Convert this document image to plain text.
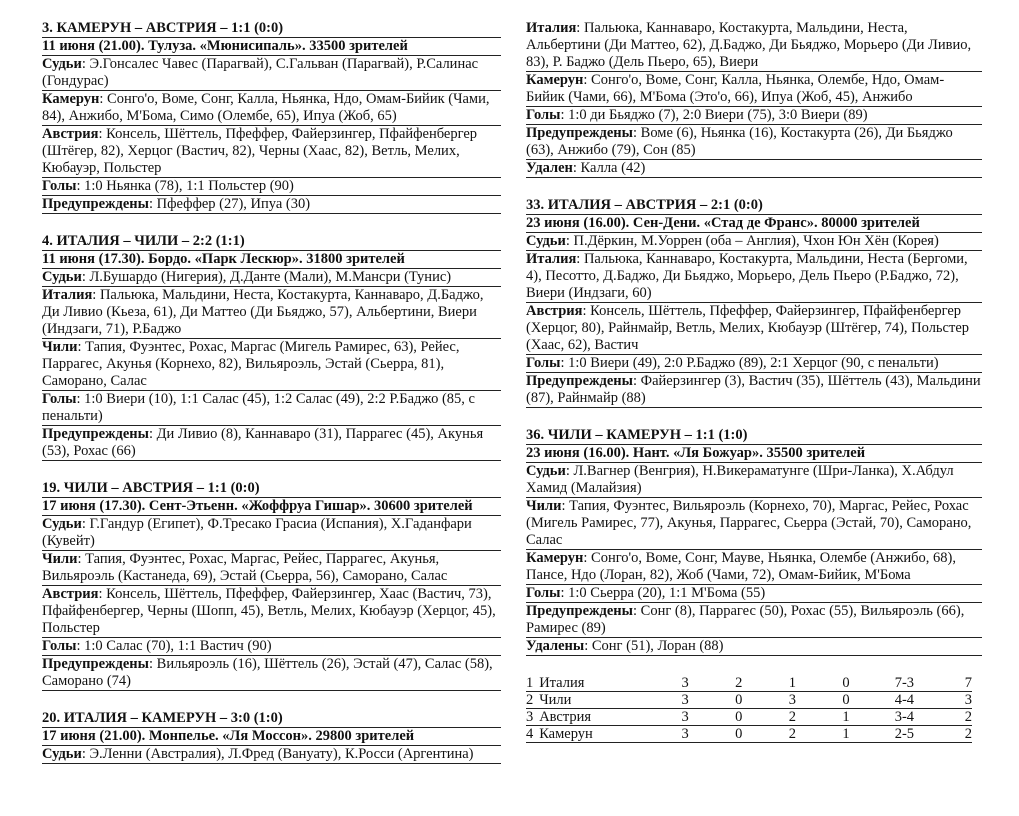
3. КАМЕРУН – АВСТРИЯ – 1:1 (0:0)
11 июня (21.00). Тулуза. «Мюнисипаль». 33500 зрителей
Судьи: Э.Гонсалес Чавес (Парагвай), С.Гальван (Парагвай), Р.Салинас (Гондурас)
Камерун: Сонго'о, Воме, Сонг, Калла, Ньянка, Ндо, Омам-Бийик (Чами, 84), Анжибо, М'Бома, Симо (Олембе, 65), Ипуа (Жоб, 65)
Австрия: Консель, Шёттель, Пфеффер, Файерзингер, Пфайфенбергер (Штёгер, 82), Херцог (Вастич, 82), Черны (Хаас, 82), Ветль, Мелих, Кюбауэр, Польстер
Голы: 1:0 Ньянка (78), 1:1 Польстер (90)
Предупреждены: Пфеффер (27), Ипуа (30)
4. ИТАЛИЯ – ЧИЛИ – 2:2 (1:1)
11 июня (17.30). Бордо. «Парк Лескюр». 31800 зрителей
Судьи: Л.Бушардо (Нигерия), Д.Данте (Мали), М.Мансри (Тунис)
Италия: Пальюка, Мальдини, Неста, Костакурта, Каннаваро, Д.Баджо, Ди Ливио (Кьеза, 61), Ди Маттео (Ди Бьяджо, 57), Альбертини, Виери (Индзаги, 71), Р.Баджо
Чили: Тапия, Фуэнтес, Рохас, Маргас (Мигель Рамирес, 63), Рейес, Паррагес, Акунья (Корнехо, 82), Вильяроэль, Эстай (Сьерра, 81), Саморано, Салас
Голы: 1:0 Виери (10), 1:1 Салас (45), 1:2 Салас (49), 2:2 Р.Баджо (85, с пенальти)
Предупреждены: Ди Ливио (8), Каннаваро (31), Паррагес (45), Акунья (53), Рохас (66)
19. ЧИЛИ – АВСТРИЯ – 1:1 (0:0)
17 июня (17.30). Сент-Этьенн. «Жоффруа Гишар». 30600 зрителей
Судьи: Г.Гандур (Египет), Ф.Тресако Грасиа (Испания), Х.Гаданфари (Кувейт)
Чили: Тапия, Фуэнтес, Рохас, Маргас, Рейес, Паррагес, Акунья, Вильяроэль (Кастанеда, 69), Эстай (Сьерра, 56), Саморано, Салас
Австрия: Консель, Шёттель, Пфеффер, Файерзингер, Хаас (Вастич, 73), Пфайфенбергер, Черны (Шопп, 45), Ветль, Мелих, Кюбауэр (Херцог, 45), Польстер
Голы: 1:0 Салас (70), 1:1 Вастич (90)
Предупреждены: Вильяроэль (16), Шёттель (26), Эстай (47), Салас (58), Саморано (74)
20. ИТАЛИЯ – КАМЕРУН – 3:0 (1:0)
17 июня (21.00). Монпелье. «Ля Моссон». 29800 зрителей
Судьи: Э.Ленни (Австралия), Л.Фред (Вануату), К.Росси (Аргентина)
Италия: Пальюка, Каннаваро, Костакурта, Мальдини, Неста, Альбертини (Ди Маттео, 62), Д.Баджо, Ди Бьяджо, Морьеро (Ди Ливио, 83), Р. Баджо (Дель Пьеро, 65), Виери
Камерун: Сонго'о, Воме, Сонг, Калла, Ньянка, Олембе, Ндо, Омам-Бийик (Чами, 66), М'Бома (Это'о, 66), Ипуа (Жоб, 45), Анжибо
Голы: 1:0 ди Бьяджо (7), 2:0 Виери (75), 3:0 Виери (89)
Предупреждены: Воме (6), Ньянка (16), Костакурта (26), Ди Бьяджо (63), Анжибо (79), Сон (85)
Удален: Калла (42)
33. ИТАЛИЯ – АВСТРИЯ – 2:1 (0:0)
23 июня (16.00). Сен-Дени. «Стад де Франс». 80000 зрителей
Судьи: П.Дёркин, М.Уоррен (оба – Англия), Чхон Юн Хён (Корея)
Италия: Пальюка, Каннаваро, Костакурта, Мальдини, Неста (Бергоми, 4), Песотто, Д.Баджо, Ди Бьяджо, Морьеро, Дель Пьеро (Р.Баджо, 72), Виери (Индзаги, 60)
Австрия: Консель, Шёттель, Пфеффер, Файерзингер, Пфайфенбергер (Херцог, 80), Райнмайр, Ветль, Мелих, Кюбауэр (Штёгер, 74), Польстер (Хаас, 62), Вастич
Голы: 1:0 Виери (49), 2:0 Р.Баджо (89), 2:1 Херцог (90, с пенальти)
Предупреждены: Файерзингер (3), Вастич (35), Шёттель (43), Мальдини (87), Райнмайр (88)
36. ЧИЛИ – КАМЕРУН – 1:1 (1:0)
23 июня (16.00). Нант. «Ля Божуар». 35500 зрителей
Судьи: Л.Вагнер (Венгрия), Н.Викераматунге (Шри-Ланка), Х.Абдул Хамид (Малайзия)
Чили: Тапия, Фуэнтес, Вильяроэль (Корнехо, 70), Маргас, Рейес, Рохас (Мигель Рамирес, 77), Акунья, Паррагес, Сьерра (Эстай, 70), Саморано, Салас
Камерун: Сонго'о, Воме, Сонг, Мауве, Ньянка, Олембе (Анжибо, 68), Пансе, Ндо (Лоран, 82), Жоб (Чами, 72), Омам-Бийик, М'Бома
Голы: 1:0 Сьерра (20), 1:1 М'Бома (55)
Предупреждены: Сонг (8), Паррагес (50), Рохас (55), Вильяроэль (66), Рамирес (89)
Удалены: Сонг (51), Лоран (88)
1	Италия	3	2	1	0	7-3	7
2	Чили	3	0	3	0	4-4	3
3	Австрия	3	0	2	1	3-4	2
4	Камерун	3	0	2	1	2-5	2
